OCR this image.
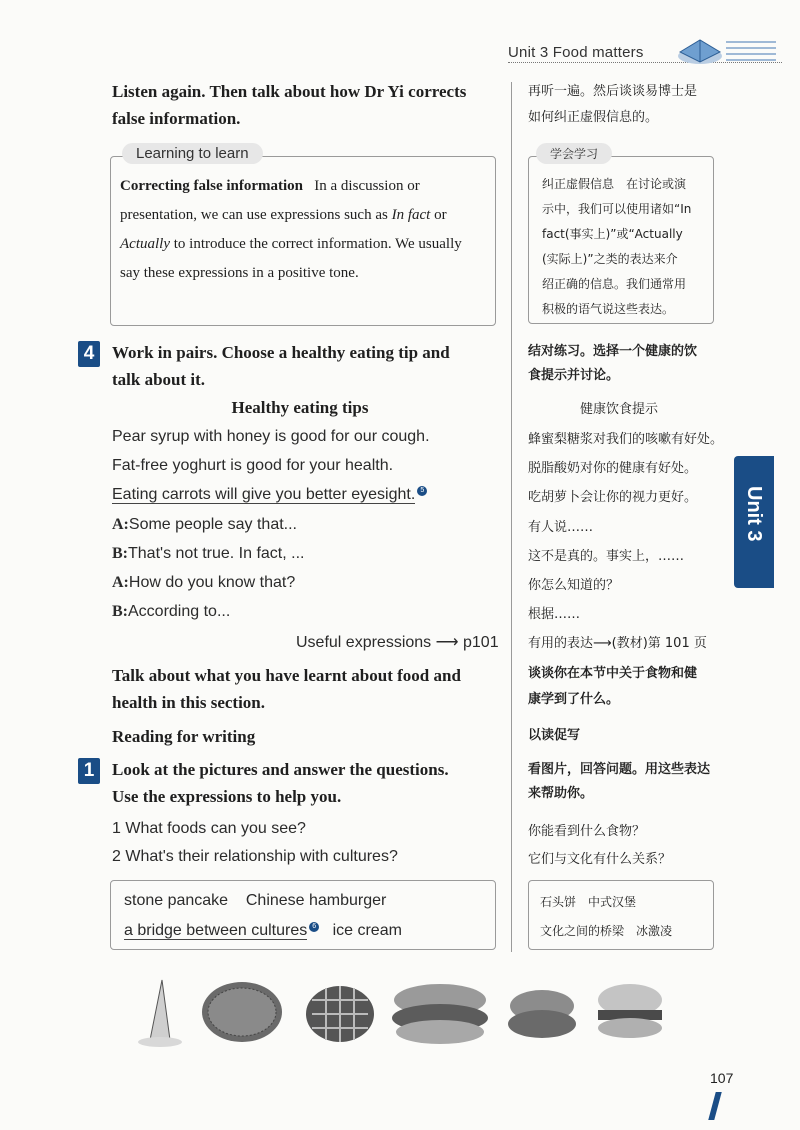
Unit 3 Food matters
Listen again. Then talk about how Dr Yi corrects
false information.
Learning to learn
Correcting false information In a discussion or
presentation, we can use expressions such as In fact or
Actually to introduce the correct information. We usually
say these expressions in a positive tone.
4	Work in pairs. Choose a healthy eating tip and
talk about it.
Healthy eating tips
Pear syrup with honey is good for our cough.
Fat-free yoghurt is good for your health.
Eating carrots will give you better eyesight. 5
A:Some people say that...
B:That's not true. In fact, ...
A:How do you know that?
B:According to...
Useful expressions ⟶ p101
Talk about what you have learnt about food and
health in this section.
Reading for writing
1	Look at the pictures and answer the questions.
Use the expressions to help you.
1 What foods can you see?
2 What's their relationship with cultures?
stone pancake Chinese hamburger
a bridge between cultures 6 ice cream
再听一遍。然后谈谈易博士是
如何纠正虚假信息的。
学会学习
纠正虚假信息　在讨论或演
示中，我们可以使用诸如“In
fact(事实上)”或“Actually
(实际上)”之类的表达来介
绍正确的信息。我们通常用
积极的语气说这些表达。
结对练习。选择一个健康的饮
食提示并讨论。
健康饮食提示
蜂蜜梨糖浆对我们的咳嗽有好处。
脱脂酸奶对你的健康有好处。
吃胡萝卜会让你的视力更好。
有人说……
这不是真的。事实上，……
你怎么知道的？
根据……
有用的表达⟶(教材)第 101 页
谈谈你在本节中关于食物和健
康学到了什么。
以读促写
看图片，回答问题。用这些表达
来帮助你。
你能看到什么食物？
它们与文化有什么关系？
石头饼　中式汉堡
文化之间的桥梁　冰激凌
Unit 3
107
